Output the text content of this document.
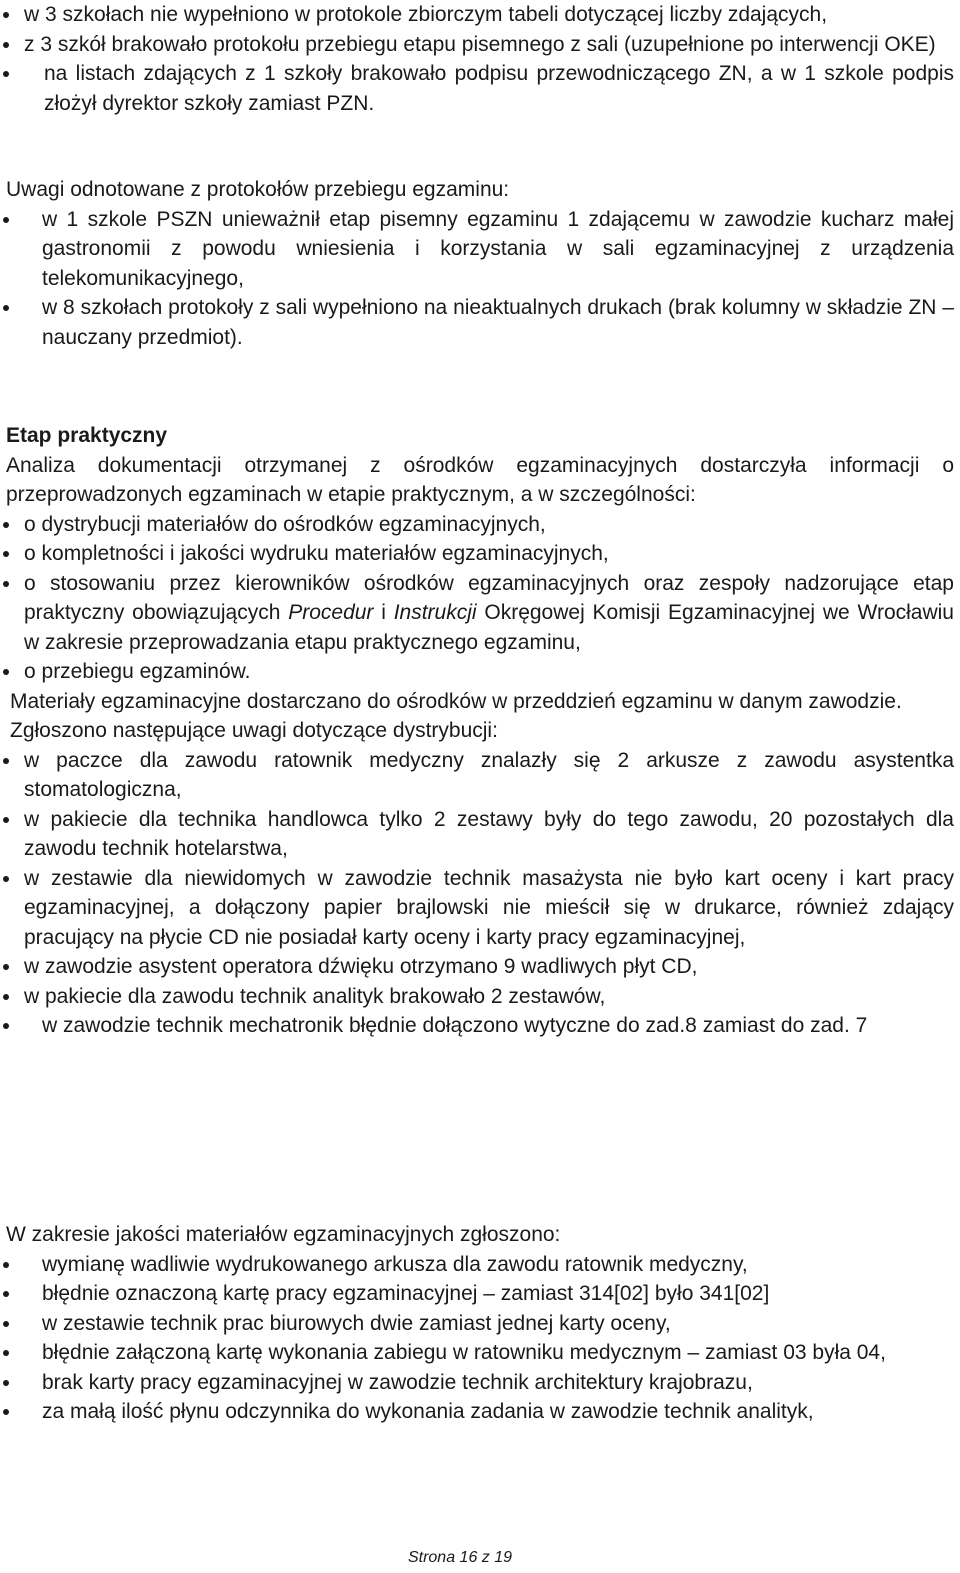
w 3 szkołach nie wypełniono w protokole zbiorczym tabeli dotyczącej liczby zdających,
z 3 szkół brakowało protokołu przebiegu etapu pisemnego z sali (uzupełnione po interwencji OKE)
na listach zdających z 1 szkoły brakowało podpisu przewodniczącego ZN, a w 1 szkole podpis złożył dyrektor szkoły zamiast PZN.

Uwagi odnotowane z protokołów przebiegu egzaminu:

w 1 szkole PSZN unieważnił etap pisemny egzaminu 1 zdającemu w zawodzie kucharz małej gastronomii z powodu wniesienia i korzystania w sali egzaminacyjnej z urządzenia telekomunikacyjnego,
w 8 szkołach protokoły z sali wypełniono na nieaktualnych drukach (brak kolumny w składzie ZN – nauczany przedmiot).

Etap praktyczny

Analiza dokumentacji otrzymanej z ośrodków egzaminacyjnych dostarczyła informacji o przeprowadzonych egzaminach w etapie praktycznym, a w szczególności:

o dystrybucji materiałów do ośrodków egzaminacyjnych,
o kompletności i jakości wydruku materiałów egzaminacyjnych,
o stosowaniu przez kierowników ośrodków egzaminacyjnych oraz zespoły nadzorujące etap praktyczny obowiązujących Procedur i Instrukcji Okręgowej Komisji Egzaminacyjnej we Wrocławiu w zakresie przeprowadzania etapu praktycznego egzaminu,
o przebiegu egzaminów.

Materiały egzaminacyjne dostarczano do ośrodków w przeddzień egzaminu w danym zawodzie.

Zgłoszono następujące uwagi dotyczące dystrybucji:

w paczce dla zawodu ratownik medyczny znalazły się 2 arkusze z zawodu asystentka stomatologiczna,
w pakiecie dla technika handlowca tylko 2 zestawy były do tego zawodu, 20 pozostałych dla zawodu technik hotelarstwa,
w zestawie dla niewidomych w zawodzie technik masażysta nie było kart oceny i kart pracy egzaminacyjnej, a dołączony papier brajlowski nie mieścił się w drukarce, również zdający pracujący na płycie CD nie posiadał karty oceny i karty pracy egzaminacyjnej,
w zawodzie asystent operatora dźwięku otrzymano 9 wadliwych płyt CD,
w pakiecie dla zawodu technik analityk brakowało 2 zestawów,
w zawodzie technik mechatronik błędnie dołączono wytyczne do zad.8 zamiast do zad. 7

W zakresie jakości materiałów egzaminacyjnych zgłoszono:

wymianę wadliwie wydrukowanego arkusza dla zawodu ratownik medyczny,
błędnie oznaczoną kartę pracy egzaminacyjnej – zamiast 314[02] było 341[02]
w zestawie technik prac biurowych dwie zamiast jednej karty oceny,
błędnie załączoną kartę wykonania zabiegu w ratowniku medycznym – zamiast 03 była 04,
brak karty pracy egzaminacyjnej w zawodzie technik architektury krajobrazu,
za małą ilość płynu odczynnika do wykonania zadania w zawodzie technik analityk,
Strona 16 z 19
